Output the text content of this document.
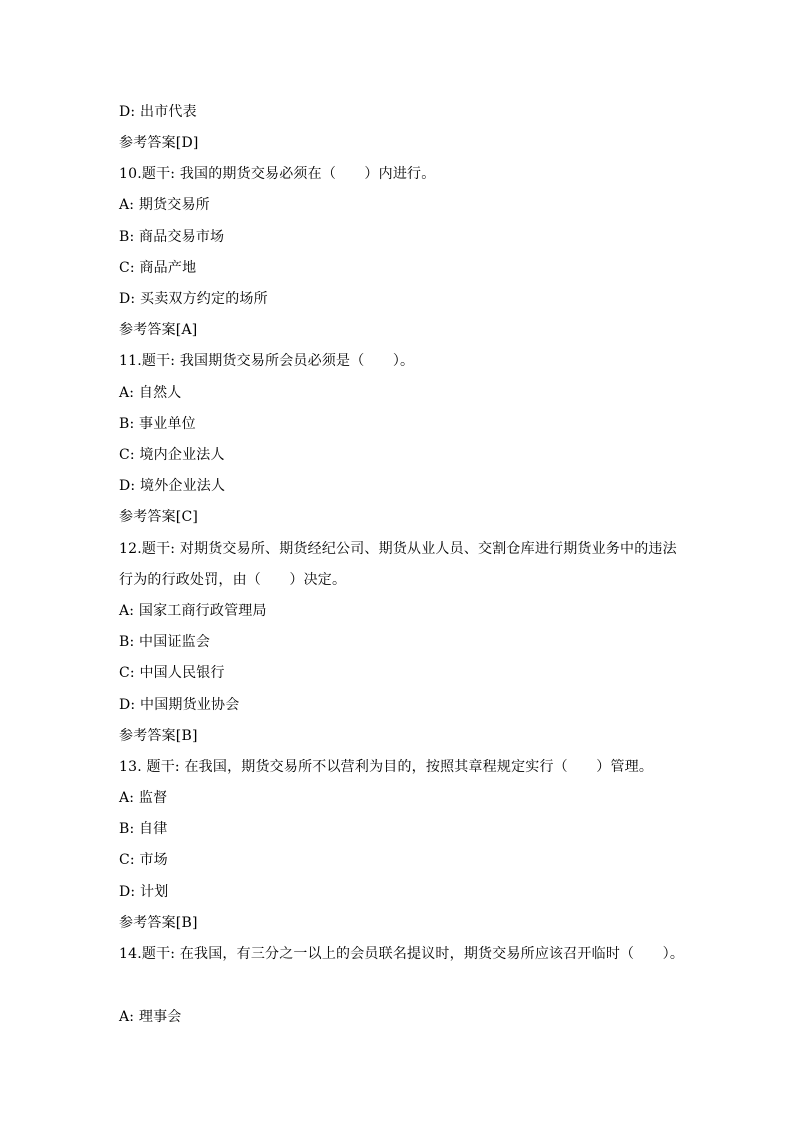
D: 出市代表
参考答案[D]
10.题干: 我国的期货交易必须在（　　）内进行。
A: 期货交易所
B: 商品交易市场
C: 商品产地
D: 买卖双方约定的场所
参考答案[A]
11.题干: 我国期货交易所会员必须是（　　）。
A: 自然人
B: 事业单位
C: 境内企业法人
D: 境外企业法人
参考答案[C]
12.题干: 对期货交易所、期货经纪公司、期货从业人员、交割仓库进行期货业务中的违法
行为的行政处罚，由（　　）决定。
A: 国家工商行政管理局
B: 中国证监会
C: 中国人民银行
D: 中国期货业协会
参考答案[B]
13. 题干: 在我国，期货交易所不以营利为目的，按照其章程规定实行（　　）管理。
A: 监督
B: 自律
C: 市场
D: 计划
参考答案[B]
14.题干: 在我国，有三分之一以上的会员联名提议时，期货交易所应该召开临时（　　）。
A: 理事会
